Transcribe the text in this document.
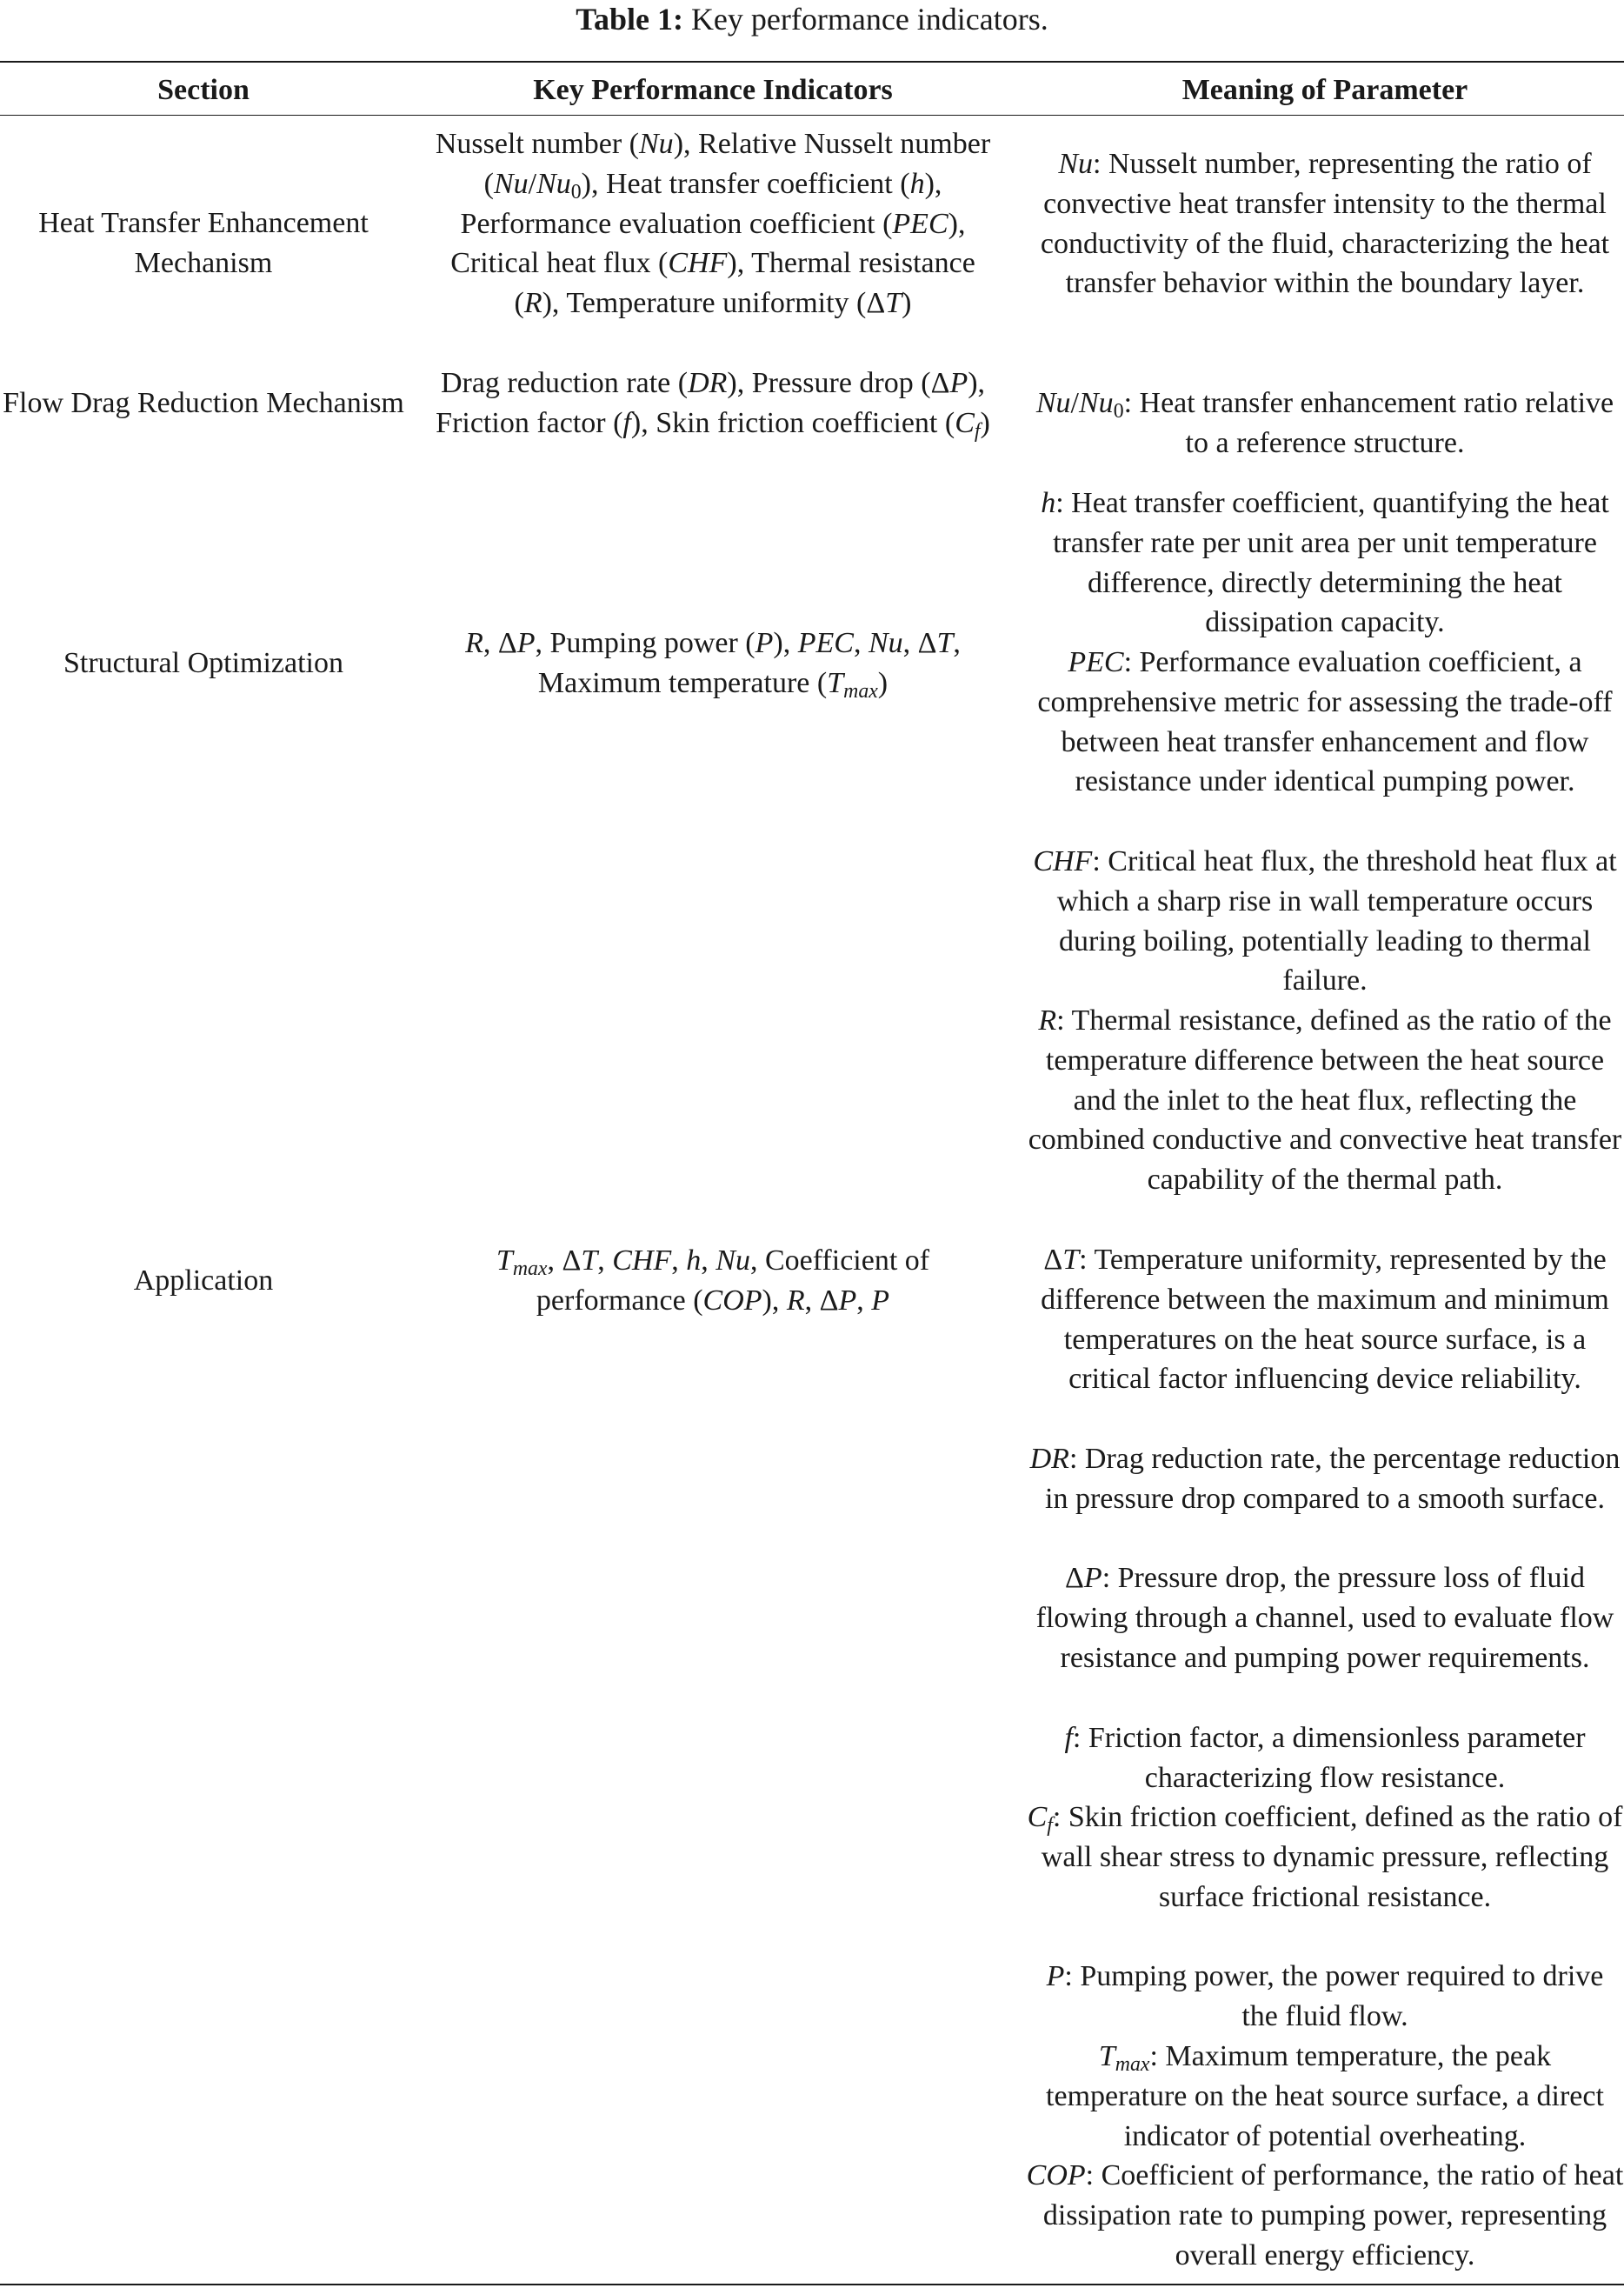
Table 1: Key performance indicators.
Section	Key Performance Indicators	Meaning of Parameter
Heat Transfer Enhancement Mechanism
Flow Drag Reduction Mechanism
Structural Optimization
Application
Nusselt number (Nu), Relative Nusselt number $(Nu/Nu_0)$, Heat transfer coefficient (h), Performance evaluation coefficient (PEC), Critical heat flux (CHF), Thermal resistance (R), Temperature uniformity (ΔT)
Drag reduction rate (DR), Pressure drop (ΔP), Friction factor (f), Skin friction coefficient $(C_f)$
R, ΔP, Pumping power (P), PEC, Nu, ΔT, Maximum temperature $(T_{max})$
$T_{max}$, ΔT, CHF, h, Nu, Coefficient of performance (COP), R, ΔP, P
Nu: Nusselt number, representing the ratio of convective heat transfer intensity to the thermal conductivity of the fluid, characterizing the heat transfer behavior within the boundary layer.
$Nu/Nu_0$: Heat transfer enhancement ratio relative to a reference structure.
h: Heat transfer coefficient, quantifying the heat transfer rate per unit area per unit temperature difference, directly determining the heat dissipation capacity.
PEC: Performance evaluation coefficient, a comprehensive metric for assessing the trade-off between heat transfer enhancement and flow resistance under identical pumping power.
CHF: Critical heat flux, the threshold heat flux at which a sharp rise in wall temperature occurs during boiling, potentially leading to thermal failure.
R: Thermal resistance, defined as the ratio of the temperature difference between the heat source and the inlet to the heat flux, reflecting the combined conductive and convective heat transfer capability of the thermal path.
ΔT: Temperature uniformity, represented by the difference between the maximum and minimum temperatures on the heat source surface, is a critical factor influencing device reliability.
DR: Drag reduction rate, the percentage reduction in pressure drop compared to a smooth surface.
ΔP: Pressure drop, the pressure loss of fluid flowing through a channel, used to evaluate flow resistance and pumping power requirements.
f: Friction factor, a dimensionless parameter characterizing flow resistance.
$C_f$: Skin friction coefficient, defined as the ratio of wall shear stress to dynamic pressure, reflecting surface frictional resistance.
P: Pumping power, the power required to drive the fluid flow.
$T_{max}$: Maximum temperature, the peak temperature on the heat source surface, a direct indicator of potential overheating.
COP: Coefficient of performance, the ratio of heat dissipation rate to pumping power, representing overall energy efficiency.
